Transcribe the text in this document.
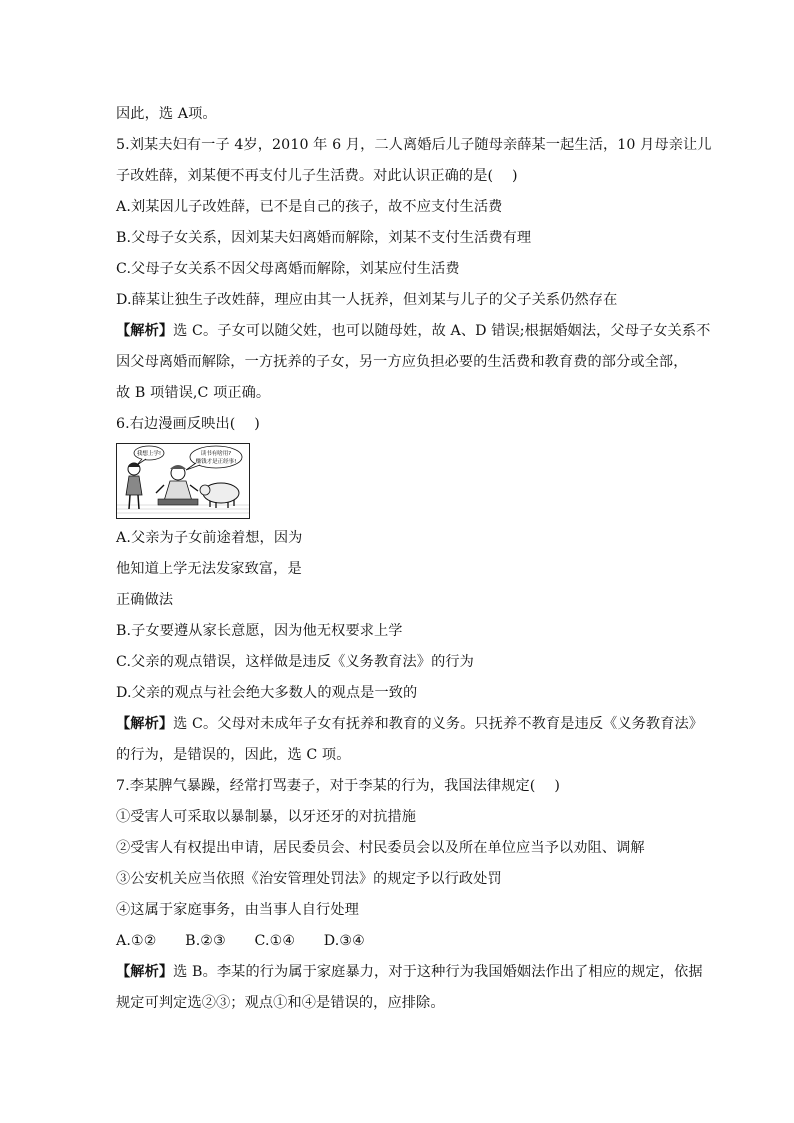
因此，选 A项。

5.刘某夫妇有一子 4岁，2010 年 6 月，二人离婚后儿子随母亲薛某一起生活，10 月母亲让儿

子改姓薛，刘某便不再支付儿子生活费。对此认识正确的是(　 )

A.刘某因儿子改姓薛，已不是自己的孩子，故不应支付生活费

B.父母子女关系，因刘某夫妇离婚而解除，刘某不支付生活费有理

C.父母子女关系不因父母离婚而解除，刘某应付生活费

D.薛某让独生子改姓薛，理应由其一人抚养，但刘某与儿子的父子关系仍然存在

【解析】选 C。子女可以随父姓，也可以随母姓，故 A、D 错误;根据婚姻法，父母子女关系不

因父母离婚而解除，一方抚养的子女，另一方应负担必要的生活费和教育费的部分或全部，

故 B 项错误,C 项正确。

6.右边漫画反映出(　 )

我想上学!	读书有啥用?
赚钱才是正经事!

A.父亲为子女前途着想，因为

他知道上学无法发家致富，是

正确做法

B.子女要遵从家长意愿，因为他无权要求上学

C.父亲的观点错误，这样做是违反《义务教育法》的行为

D.父亲的观点与社会绝大多数人的观点是一致的

【解析】选 C。父母对未成年子女有抚养和教育的义务。只抚养不教育是违反《义务教育法》

的行为，是错误的，因此，选 C 项。

7.李某脾气暴躁，经常打骂妻子，对于李某的行为，我国法律规定(　 )

①受害人可采取以暴制暴，以牙还牙的对抗措施

②受害人有权提出申请，居民委员会、村民委员会以及所在单位应当予以劝阻、调解

③公安机关应当依照《治安管理处罚法》的规定予以行政处罚

④这属于家庭事务，由当事人自行处理

A.①②　　B.②③　　C.①④　　D.③④

【解析】选 B。李某的行为属于家庭暴力，对于这种行为我国婚姻法作出了相应的规定，依据

规定可判定选②③；观点①和④是错误的，应排除。
